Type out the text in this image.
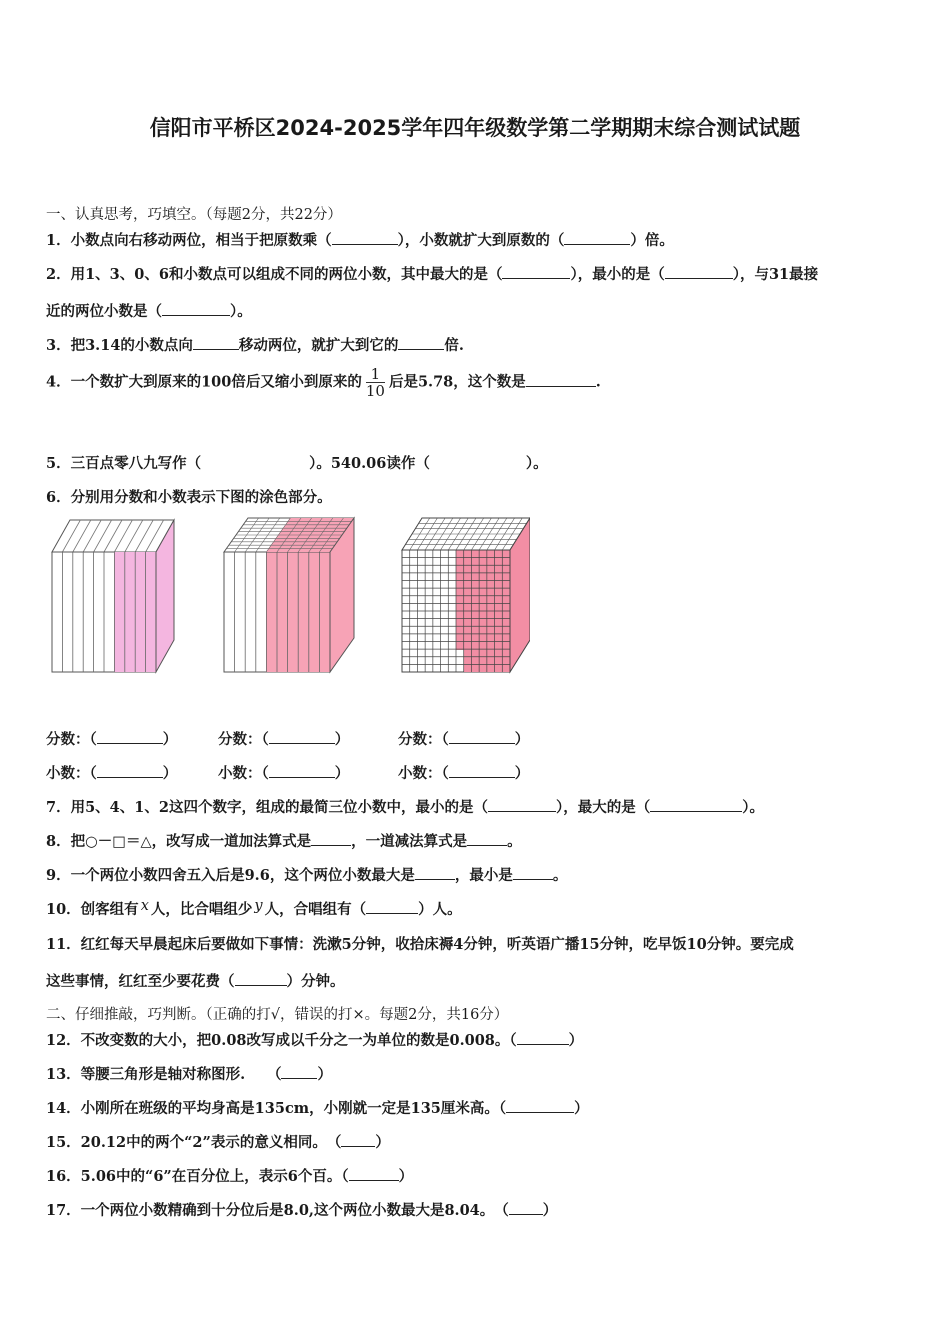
信阳市平桥区2024-2025学年四年级数学第二学期期末综合测试试题
一、认真思考，巧填空。（每题2分，共22分）
1．小数点向右移动两位，相当于把原数乘（	），小数就扩大到原数的（	）倍。
2．用1、3、0、6和小数点可以组成不同的两位小数，其中最大的是（	），最小的是（	），与31最接
近的两位小数是（	）。
3．把3.14的小数点向	移动两位，就扩大到它的	倍.
4．一个数扩大到原来的100倍后又缩小到原来的 $\frac{1}{10}$ 后是5.78，这个数是	.
5．三百点零八九写作（	）。540.06读作（	）。
6．分别用分数和小数表示下图的涂色部分。
分数：（	）	分数：（	）	分数：（	）
小数：（	）	小数：（	）	小数：（	）
7．用5、4、1、2这四个数字，组成的最简三位小数中，最小的是（	），最大的是（	）。
8．把○－□＝△，改写成一道加法算式是	，一道减法算式是	。
9．一个两位小数四舍五入后是9.6，这个两位小数最大是	，最小是	。
10．创客组有 x 人，比合唱组少 y 人，合唱组有（	）人。
11．红红每天早晨起床后要做如下事情：洗漱5分钟，收拾床褥4分钟，听英语广播15分钟，吃早饭10分钟。要完成
这些事情，红红至少要花费（	）分钟。
二、仔细推敲，巧判断。（正确的打√，错误的打×。每题2分，共16分）
12．不改变数的大小，把0.08改写成以千分之一为单位的数是0.008。（	）
13．等腰三角形是轴对称图形.　　（ ）
14．小刚所在班级的平均身高是135cm，小刚就一定是135厘米高。（	）
15．20.12中的两个“2”表示的意义相同。　（ ）
16．5.06中的“6”在百分位上，表示6个百。（	）
17．一个两位小数精确到十分位后是8.0,这个两位小数最大是8.04。　（ ）
